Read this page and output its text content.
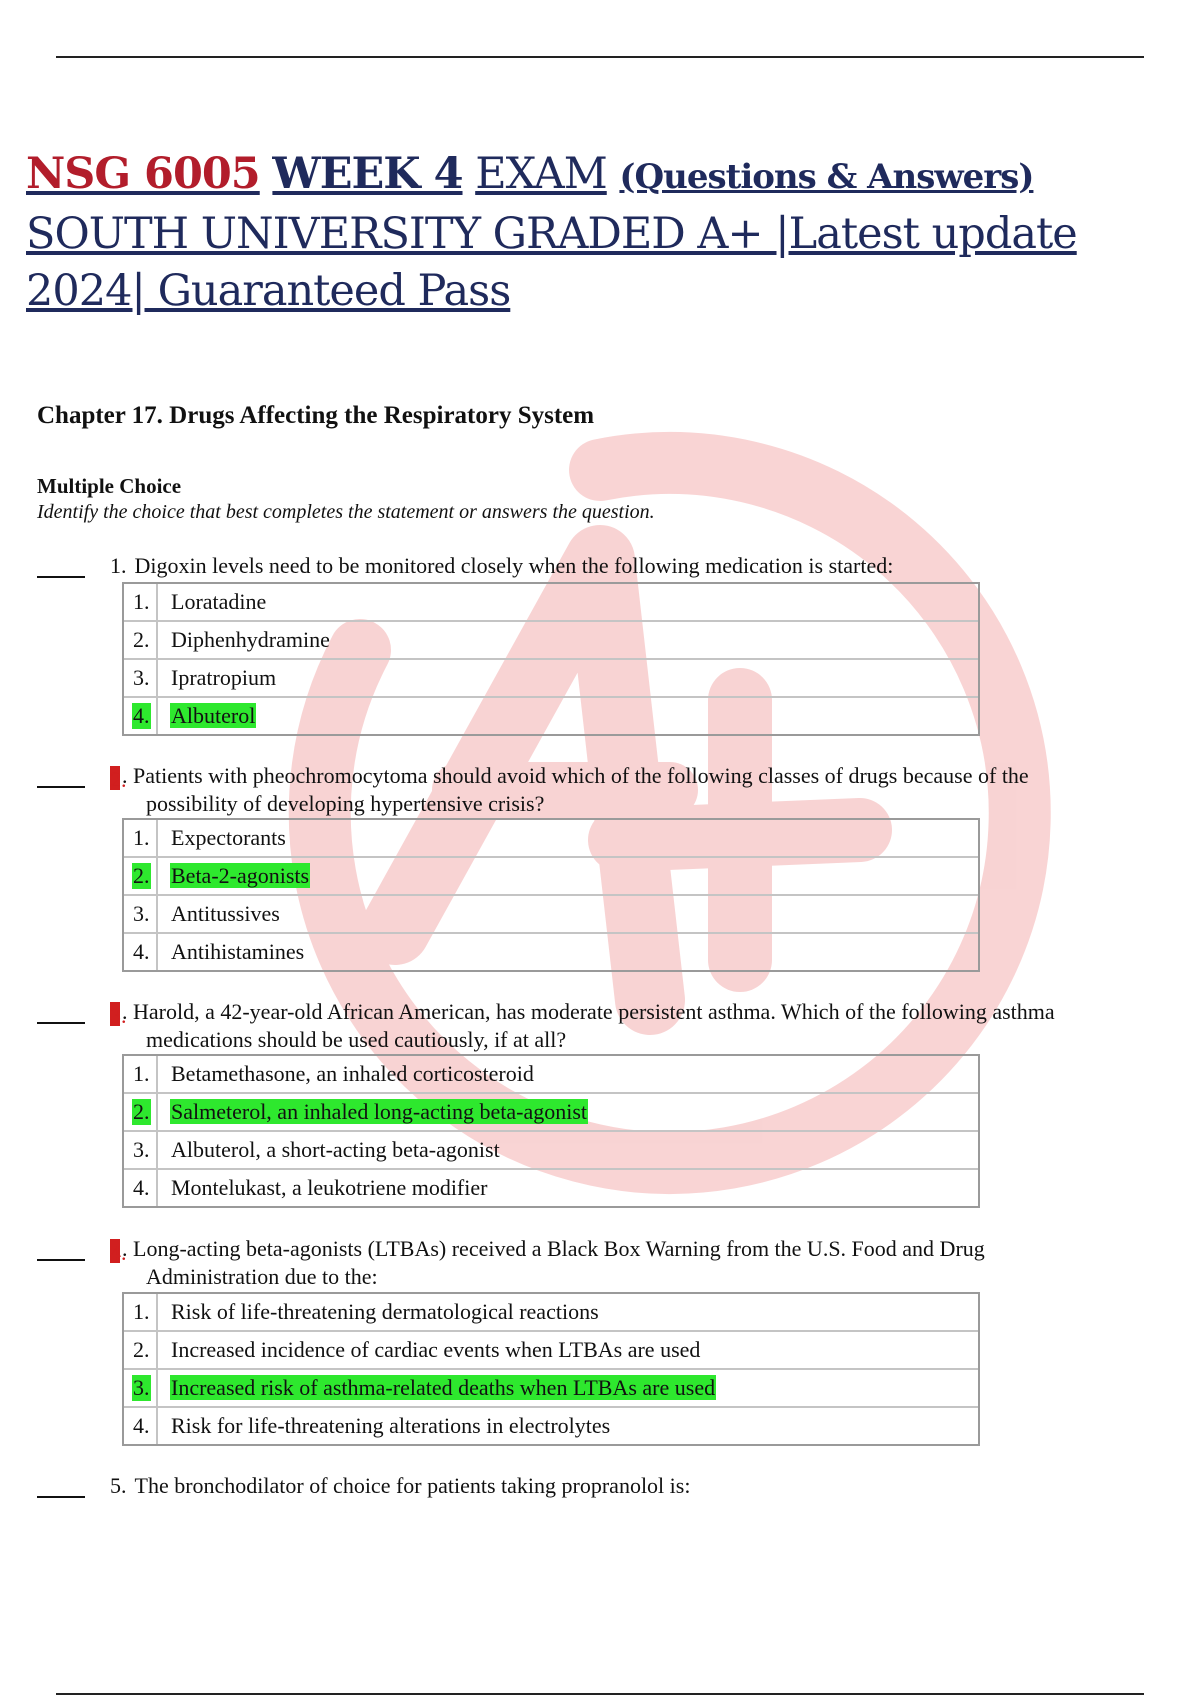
NSG 6005 WEEK 4 EXAM (Questions & Answers) SOUTH UNIVERSITY GRADED A+ |Latest update 2024| Guaranteed Pass
Chapter 17. Drugs Affecting the Respiratory System
Multiple Choice
Identify the choice that best completes the statement or answers the question.
1. Digoxin levels need to be monitored closely when the following medication is started:
1. Loratadine
2. Diphenhydramine
3. Ipratropium
4. Albuterol
2.. Patients with pheochromocytoma should avoid which of the following classes of drugs because of the
possibility of developing hypertensive crisis?
1. Expectorants
2. Beta-2-agonists
3. Antitussives
4. Antihistamines
3.. Harold, a 42-year-old African American, has moderate persistent asthma. Which of the following asthma
medications should be used cautiously, if at all?
1. Betamethasone, an inhaled corticosteroid
2. Salmeterol, an inhaled long-acting beta-agonist
3. Albuterol, a short-acting beta-agonist
4. Montelukast, a leukotriene modifier
4.. Long-acting beta-agonists (LTBAs) received a Black Box Warning from the U.S. Food and Drug
Administration due to the:
1. Risk of life-threatening dermatological reactions
2. Increased incidence of cardiac events when LTBAs are used
3. Increased risk of asthma-related deaths when LTBAs are used
4. Risk for life-threatening alterations in electrolytes
5. The bronchodilator of choice for patients taking propranolol is:
